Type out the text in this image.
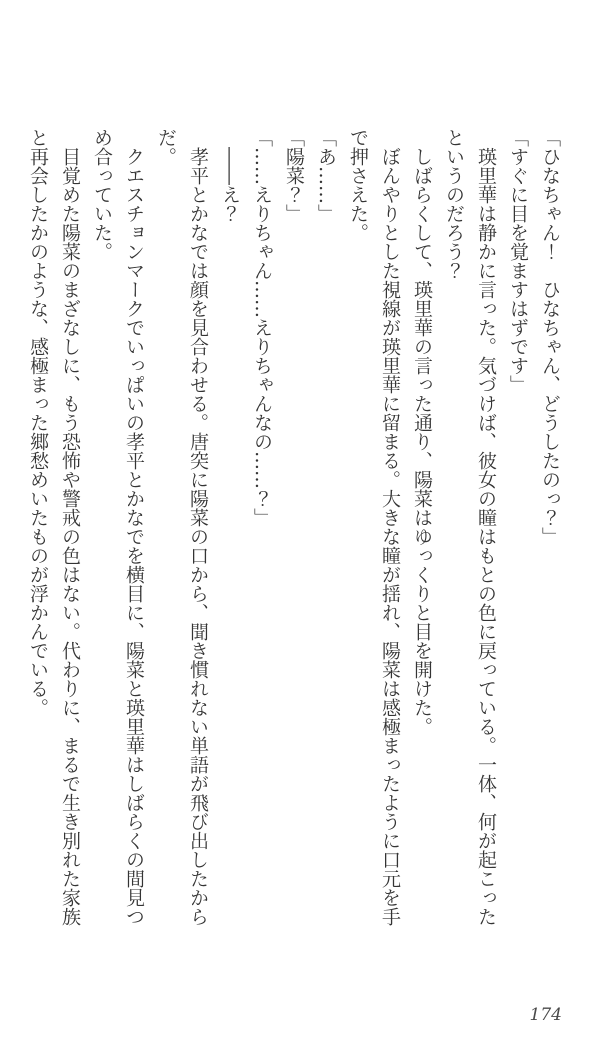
「ひなちゃん！　ひなちゃん、どうしたのっ？」

「すぐに目を覚ますはずです」

瑛里華は静かに言った。気づけば、彼女の瞳はもとの色に戻っている。一体、何が起こったというのだろう？

しばらくして、瑛里華の言った通り、陽菜はゆっくりと目を開けた。

ぼんやりとした視線が瑛里華に留まる。大きな瞳が揺れ、陽菜は感極まったように口元を手で押さえた。

「あ……」

「陽菜？」

「……えりちゃん……えりちゃんなの……？」

――え？

孝平とかなでは顔を見合わせる。唐突に陽菜の口から、聞き慣れない単語が飛び出したからだ。

クエスチョンマークでいっぱいの孝平とかなでを横目に、陽菜と瑛里華はしばらくの間見つめ合っていた。

目覚めた陽菜のまざなしに、もう恐怖や警戒の色はない。代わりに、まるで生き別れた家族と再会したかのような、感極まった郷愁めいたものが浮かんでいる。

174
